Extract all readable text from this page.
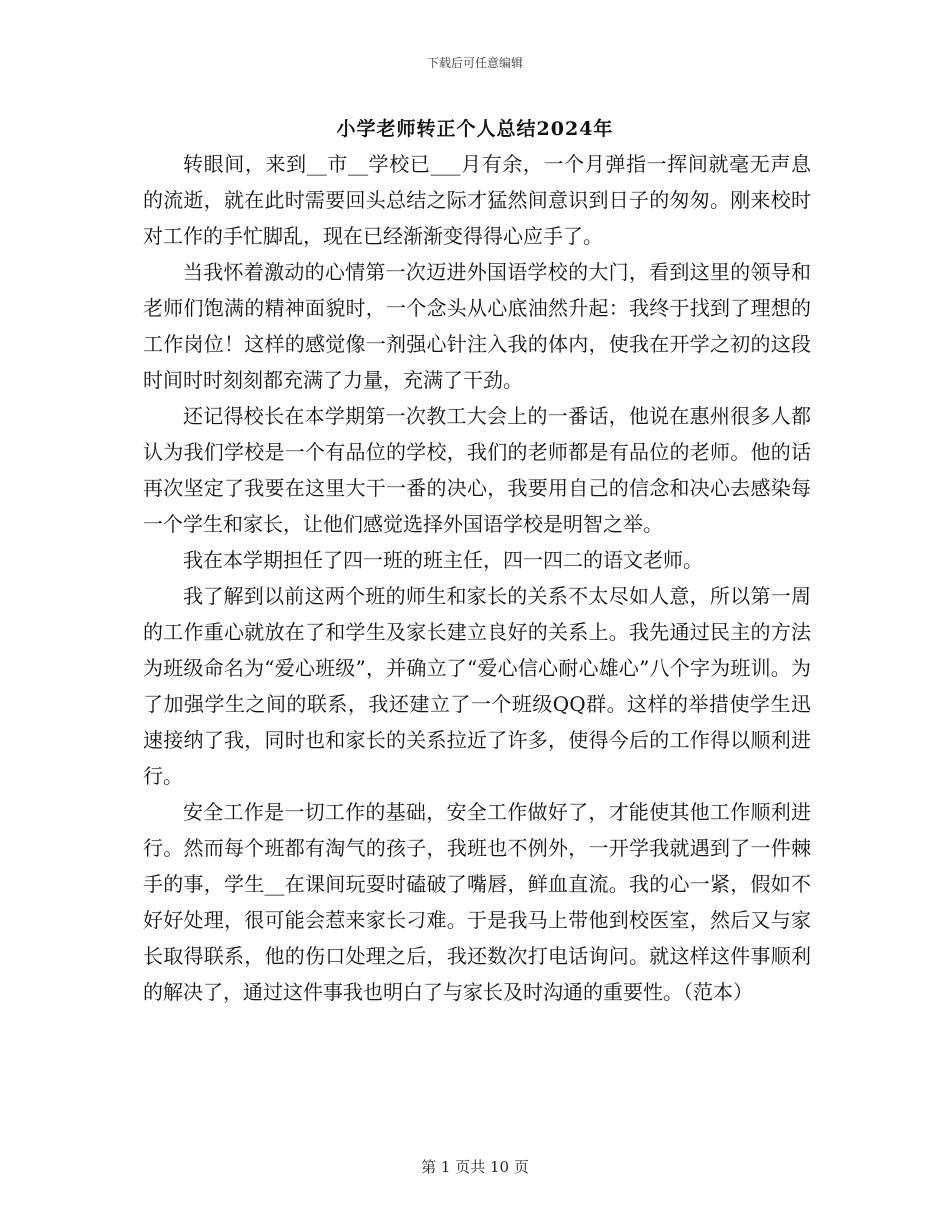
下载后可任意编辑
小学老师转正个人总结2024年

转眼间，来到__市__学校已___月有余，一个月弹指一挥间就毫无声息的流逝，就在此时需要回头总结之际才猛然间意识到日子的匆匆。刚来校时对工作的手忙脚乱，现在已经渐渐变得得心应手了。

当我怀着激动的心情第一次迈进外国语学校的大门，看到这里的领导和老师们饱满的精神面貌时，一个念头从心底油然升起：我终于找到了理想的工作岗位！这样的感觉像一剂强心针注入我的体内，使我在开学之初的这段时间时时刻刻都充满了力量，充满了干劲。

还记得校长在本学期第一次教工大会上的一番话，他说在惠州很多人都认为我们学校是一个有品位的学校，我们的老师都是有品位的老师。他的话再次坚定了我要在这里大干一番的决心，我要用自己的信念和决心去感染每一个学生和家长，让他们感觉选择外国语学校是明智之举。

我在本学期担任了四一班的班主任，四一四二的语文老师。

我了解到以前这两个班的师生和家长的关系不太尽如人意，所以第一周的工作重心就放在了和学生及家长建立良好的关系上。我先通过民主的方法为班级命名为“爱心班级”，并确立了“爱心信心耐心雄心”八个字为班训。为了加强学生之间的联系，我还建立了一个班级QQ群。这样的举措使学生迅速接纳了我，同时也和家长的关系拉近了许多，使得今后的工作得以顺利进行。

安全工作是一切工作的基础，安全工作做好了，才能使其他工作顺利进行。然而每个班都有淘气的孩子，我班也不例外，一开学我就遇到了一件棘手的事，学生__在课间玩耍时磕破了嘴唇，鲜血直流。我的心一紧，假如不好好处理，很可能会惹来家长刁难。于是我马上带他到校医室，然后又与家长取得联系，他的伤口处理之后，我还数次打电话询问。就这样这件事顺利的解决了，通过这件事我也明白了与家长及时沟通的重要性。（范本）

第 1 页共 10 页
